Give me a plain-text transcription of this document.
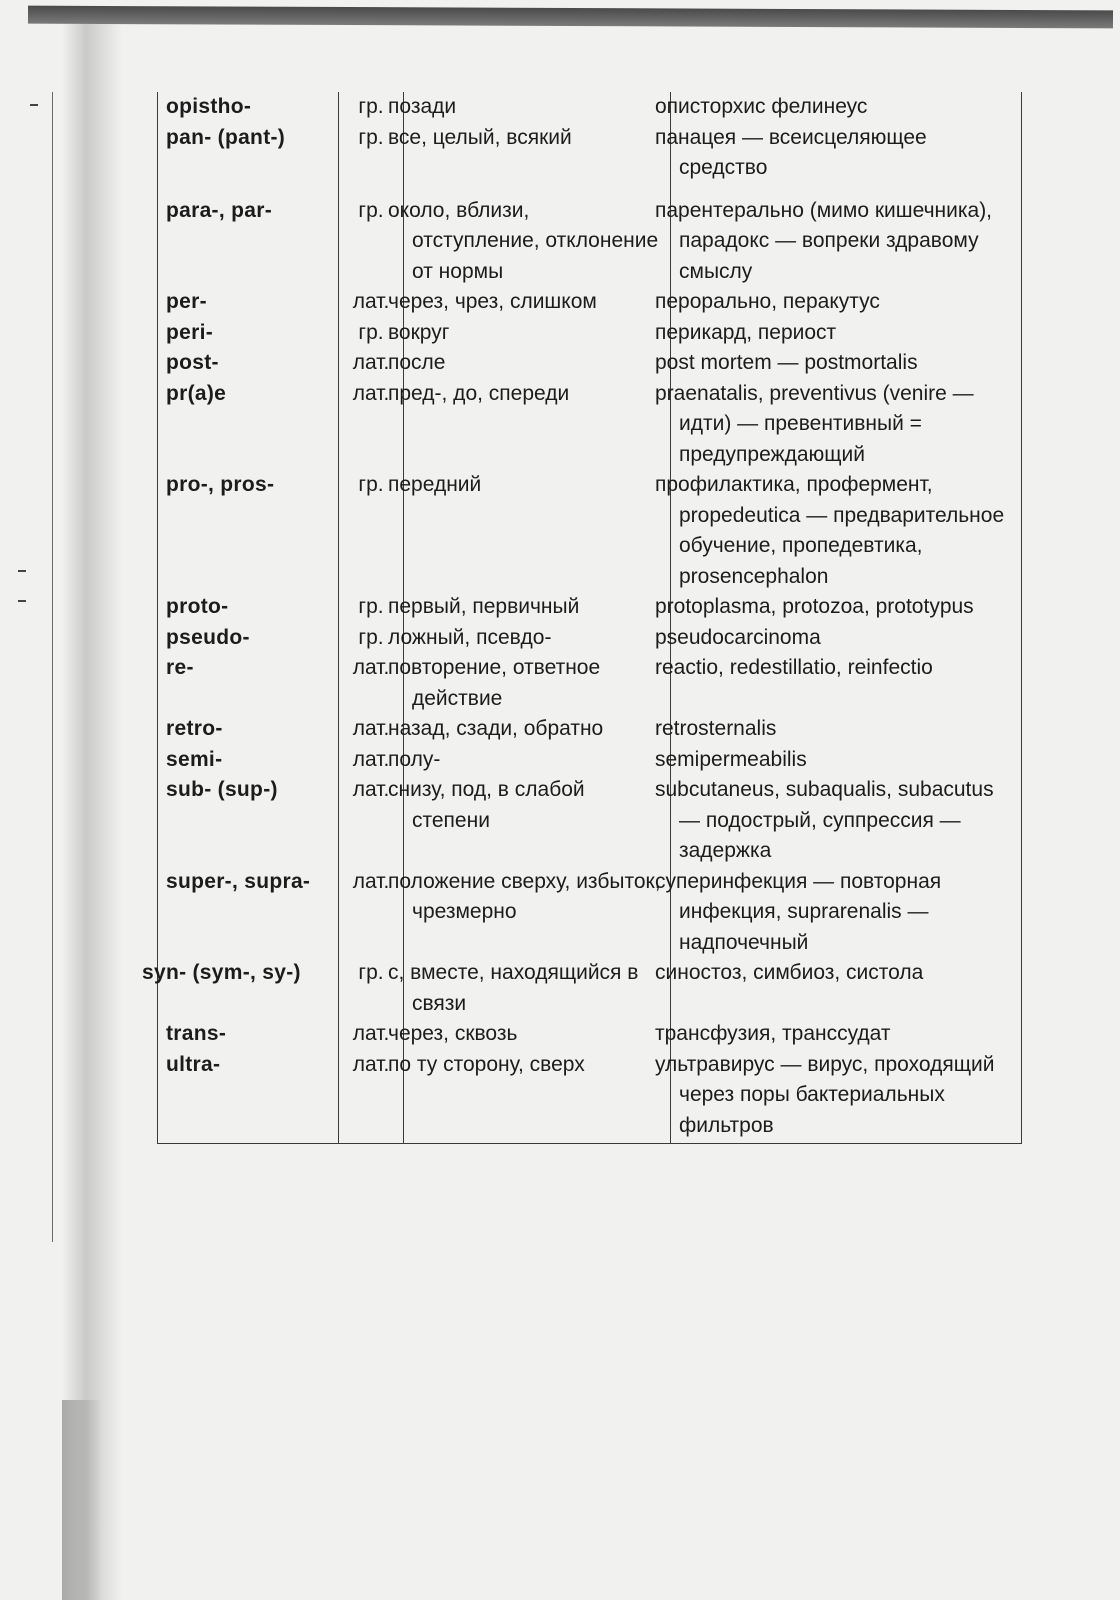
opistho-	гр.	позади	описторхис фелинеус
pan- (pant-)	гр.	все, целый, всякий	панацея — всеисцеляющее средство
para-, par-	гр.	около, вблизи, отступление, отклонение от нормы	парентерально (мимо кишечника), парадокс — вопреки здравому смыслу
per-	лат.	через, чрез, слишком	перорально, перакутус
peri-	гр.	вокруг	перикард, периост
post-	лат.	после	post mortem — postmortalis
pr(a)e	лат.	пред-, до, спереди	praenatalis, preventivus (venire — идти) — превентивный = предупреждающий
pro-, pros-	гр.	передний	профилактика, профермент, propedeutica — предварительное обучение, пропедевтика, prosencephalon
proto-	гр.	первый, первичный	protoplasma, protozoa, prototypus
pseudo-	гр.	ложный, псевдо-	pseudocarcinoma
re-	лат.	повторение, ответное действие	reactio, redestillatio, reinfectio
retro-	лат.	назад, сзади, обратно	retrosternalis
semi-	лат.	полу-	semipermeabilis
sub- (sup-)	лат.	снизу, под, в слабой степени	subcutaneus, subaqualis, subacutus — подострый, суппрессия — задержка
super-, supra-	лат.	положение сверху, избыток, чрезмерно	суперинфекция — повторная инфекция, suprarenalis — надпочечный
syn- (sym-, sy-)	гр.	с, вместе, находящийся в связи	синостоз, симбиоз, систола
trans-	лат.	через, сквозь	трансфузия, транссудат
ultra-	лат.	по ту сторону, сверх	ультравирус — вирус, проходящий через поры бактериальных фильтров
